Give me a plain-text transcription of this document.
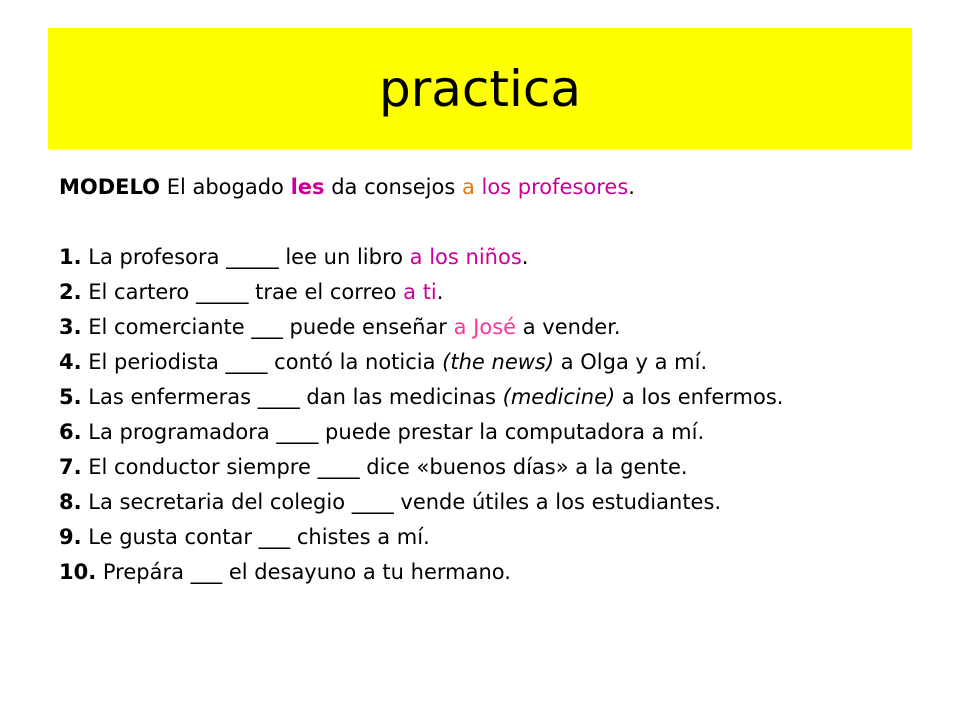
practica
MODELO El abogado les da consejos a los profesores.
1. La profesora _____ lee un libro a los niños.
2. El cartero _____ trae el correo a ti.
3. El comerciante ___ puede enseñar a José a vender.
4. El periodista ____ contó la noticia (the news) a Olga y a mí.
5. Las enfermeras ____ dan las medicinas (medicine) a los enfermos.
6. La programadora ____ puede prestar la computadora a mí.
7. El conductor siempre ____ dice «buenos días» a la gente.
8. La secretaria del colegio ____ vende útiles a los estudiantes.
9. Le gusta contar ___ chistes a mí.
10. Prepára ___ el desayuno a tu hermano.
